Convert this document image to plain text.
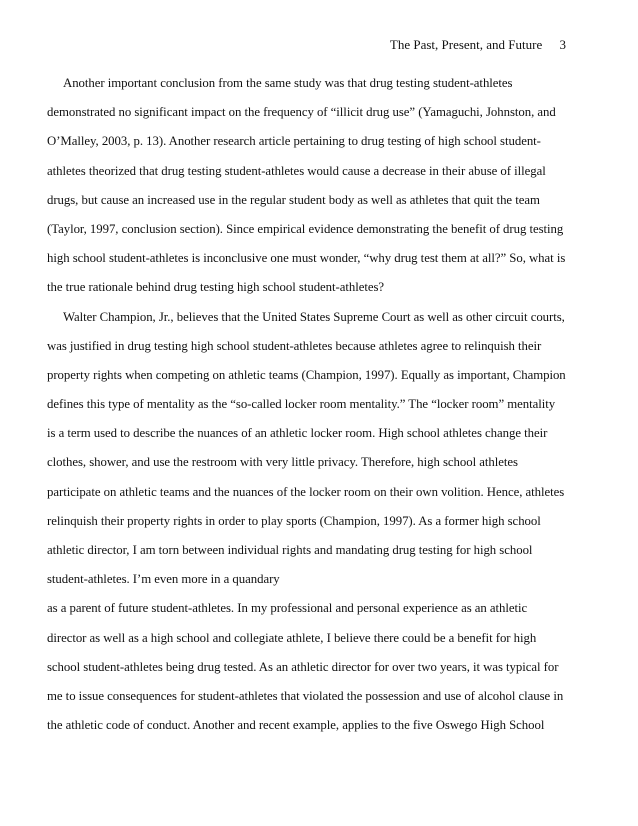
The Past, Present, and Future 3
Another important conclusion from the same study was that drug testing student-athletes
demonstrated no significant impact on the frequency of “illicit drug use” (Yamaguchi, Johnston, and
O’Malley, 2003, p. 13). Another research article pertaining to drug testing of high school student-
athletes theorized that drug testing student-athletes would cause a decrease in their abuse of illegal
drugs, but cause an increased use in the regular student body as well as athletes that quit the team
(Taylor, 1997, conclusion section). Since empirical evidence demonstrating the benefit of drug testing
high school student-athletes is inconclusive one must wonder, “why drug test them at all?” So, what is
the true rationale behind drug testing high school student-athletes?
Walter Champion, Jr., believes that the United States Supreme Court as well as other circuit courts,
was justified in drug testing high school student-athletes because athletes agree to relinquish their
property rights when competing on athletic teams (Champion, 1997). Equally as important, Champion
defines this type of mentality as the “so-called locker room mentality.” The “locker room” mentality
is a term used to describe the nuances of an athletic locker room. High school athletes change their
clothes, shower, and use the restroom with very little privacy. Therefore, high school athletes
participate on athletic teams and the nuances of the locker room on their own volition. Hence, athletes
relinquish their property rights in order to play sports (Champion, 1997). As a former high school
athletic director, I am torn between individual rights and mandating drug testing for high school
student-athletes. I’m even more in a quandary
as a parent of future student-athletes. In my professional and personal experience as an athletic
director as well as a high school and collegiate athlete, I believe there could be a benefit for high
school student-athletes being drug tested. As an athletic director for over two years, it was typical for
me to issue consequences for student-athletes that violated the possession and use of alcohol clause in
the athletic code of conduct. Another and recent example, applies to the five Oswego High School
